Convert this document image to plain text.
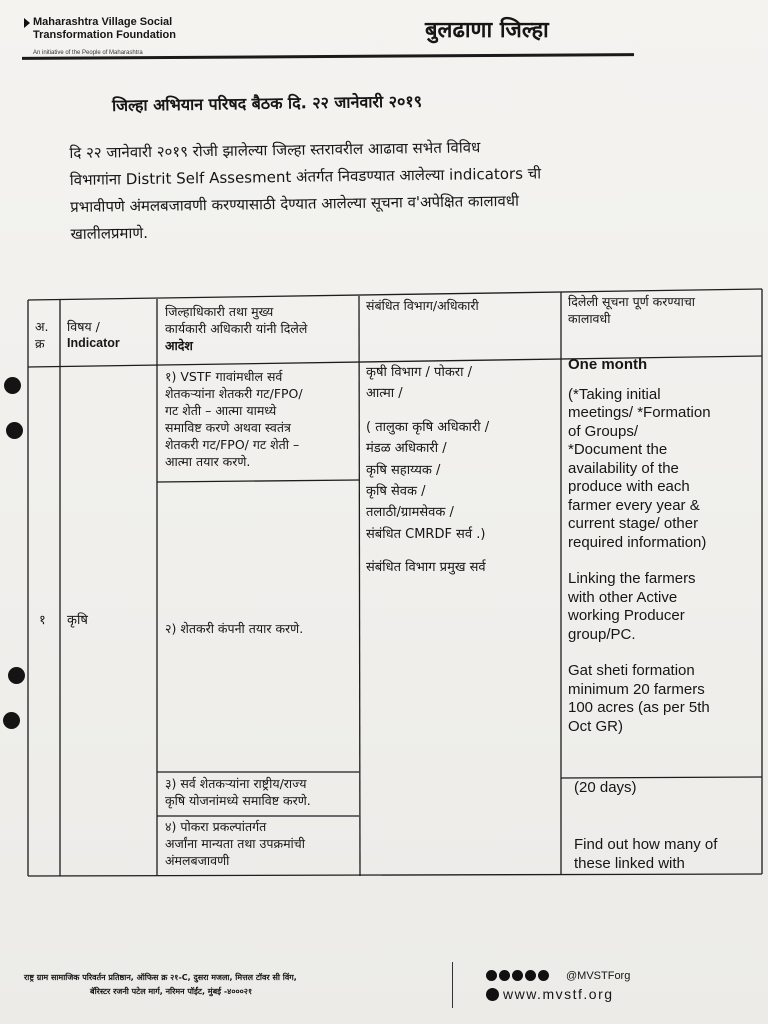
Maharashtra Village Social
Transformation Foundation
An initiative of the People of Maharashtra
बुलढाणा जिल्हा
जिल्हा अभियान परिषद बैठक दि. २२ जानेवारी २०१९
दि २२ जानेवारी २०१९ रोजी झालेल्या जिल्हा स्तरावरील आढावा सभेत विविध
विभागांना Distrit Self Assesment अंतर्गत निवडण्यात आलेल्या indicators ची
प्रभावीपणे अंमलबजावणी करण्यासाठी देण्यात आलेल्या सूचना व'अपेक्षित कालावधी
खालीलप्रमाणे.
अ.
क्र
विषय /
Indicator
जिल्हाधिकारी तथा मुख्य
कार्यकारी अधिकारी यांनी दिलेले
आदेश
संबंधित विभाग/अधिकारी	दिलेली सूचना पूर्ण करण्याचा
कालावधी
१ कृषि
१) VSTF गावांमधील सर्व
शेतकऱ्यांना शेतकरी गट/FPO/
गट शेती – आत्मा यामध्ये
समाविष्ट करणे अथवा स्वतंत्र
शेतकरी गट/FPO/ गट शेती –
आत्मा तयार करणे.
२) शेतकरी कंपनी तयार करणे.
३) सर्व शेतकऱ्यांना राष्ट्रीय/राज्य
कृषि योजनांमध्ये समाविष्ट करणे.
४) पोकरा प्रकल्पांतर्गत
अर्जांना मान्यता तथा उपक्रमांची
अंमलबजावणी
कृषी विभाग / पोकरा /
आत्मा /
( तालुका कृषि अधिकारी /
मंडळ अधिकारी /
कृषि सहाय्यक /
कृषि सेवक /
तलाठी/ग्रामसेवक /
संबंधित CMRDF सर्व .)
संबंधित विभाग प्रमुख सर्व
One month
(*Taking initial
meetings/ *Formation
of Groups/
*Document the
availability of the
produce with each
farmer every year &
current stage/ other
required information)
Linking the farmers
with other Active
working Producer
group/PC.
Gat sheti formation
minimum 20 farmers
100 acres (as per 5th
Oct GR)
(20 days)
Find out how many of
these linked with
राष्ट्र ग्राम सामाजिक परिवर्तन प्रतिष्ठान, ऑफिस क्र २१-C, दुसरा मजला, मित्तल टॉवर सी विंग,
बॅरिस्टर रजनी पटेल मार्ग, नरिमन पॉईंट, मुंबई -४०००२१
@MVSTForg
www.mvstf.org
